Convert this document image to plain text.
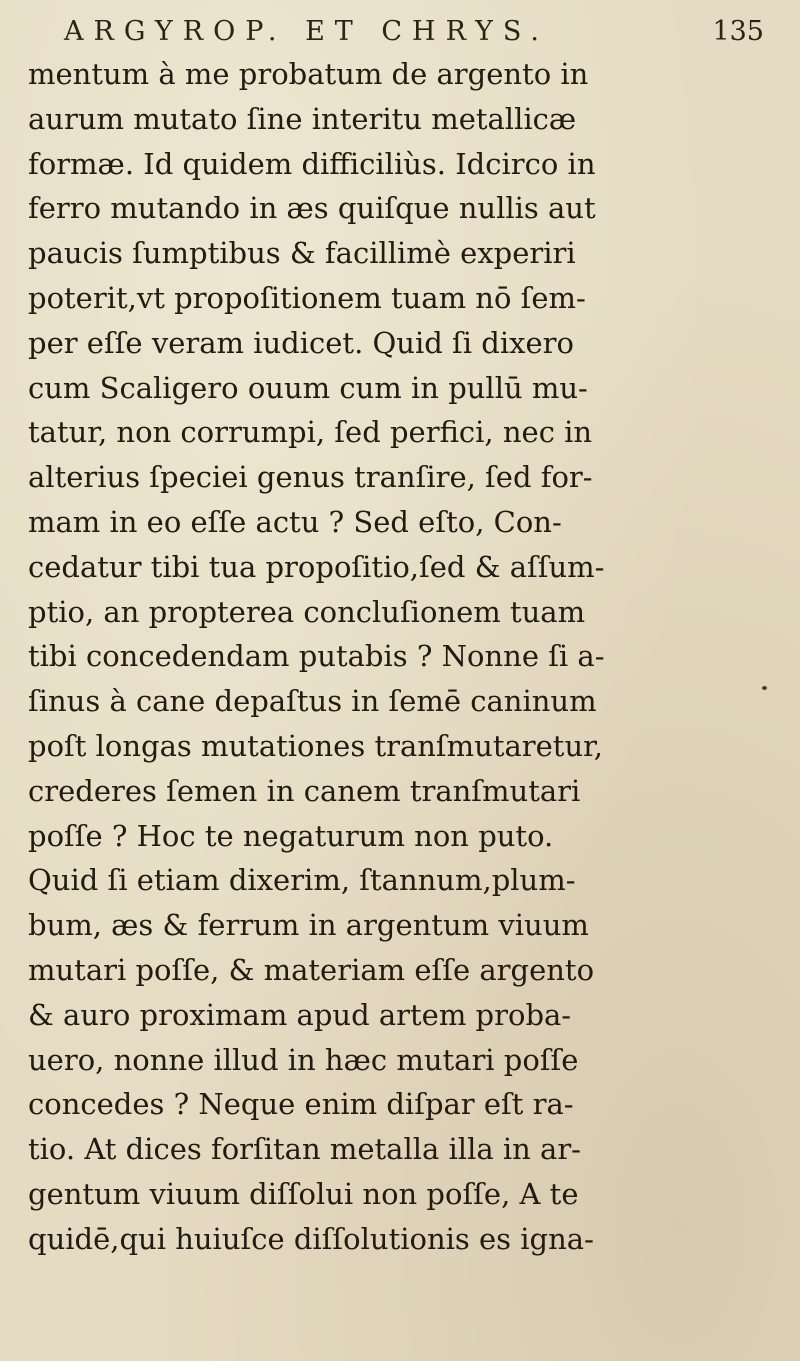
ARGYROP. ET CHRYS.	135
mentum à me probatum de argento in
aurum mutato ſine interitu metallicæ
formæ. Id quidem difficiliùs. Idcirco in
ferro mutando in æs quiſque nullis aut
paucis ſumptibus & facillimè experiri
poterit,vt propoſitionem tuam nō ſem-
per eſſe veram iudicet. Quid ſi dixero
cum Scaligero ouum cum in pullū mu-
tatur, non corrumpi, ſed perfici, nec in
alterius ſpeciei genus tranſire, ſed for-
mam in eo eſſe actu ? Sed eſto, Con-
cedatur tibi tua propoſitio,ſed & aſſum-
ptio, an propterea concluſionem tuam
tibi concedendam putabis ? Nonne ſi a-
ſinus à cane depaſtus in ſemē caninum
poſt longas mutationes tranſmutaretur,
crederes ſemen in canem tranſmutari
poſſe ? Hoc te negaturum non puto.
Quid ſi etiam dixerim, ſtannum,plum-
bum, æs & ferrum in argentum viuum
mutari poſſe, & materiam eſſe argento
& auro proximam apud artem proba-
uero, nonne illud in hæc mutari poſſe
concedes ? Neque enim diſpar eſt ra-
tio. At dices forſitan metalla illa in ar-
gentum viuum diſſolui non poſſe, A te
quidē,qui huiuſce diſſolutionis es igna-
